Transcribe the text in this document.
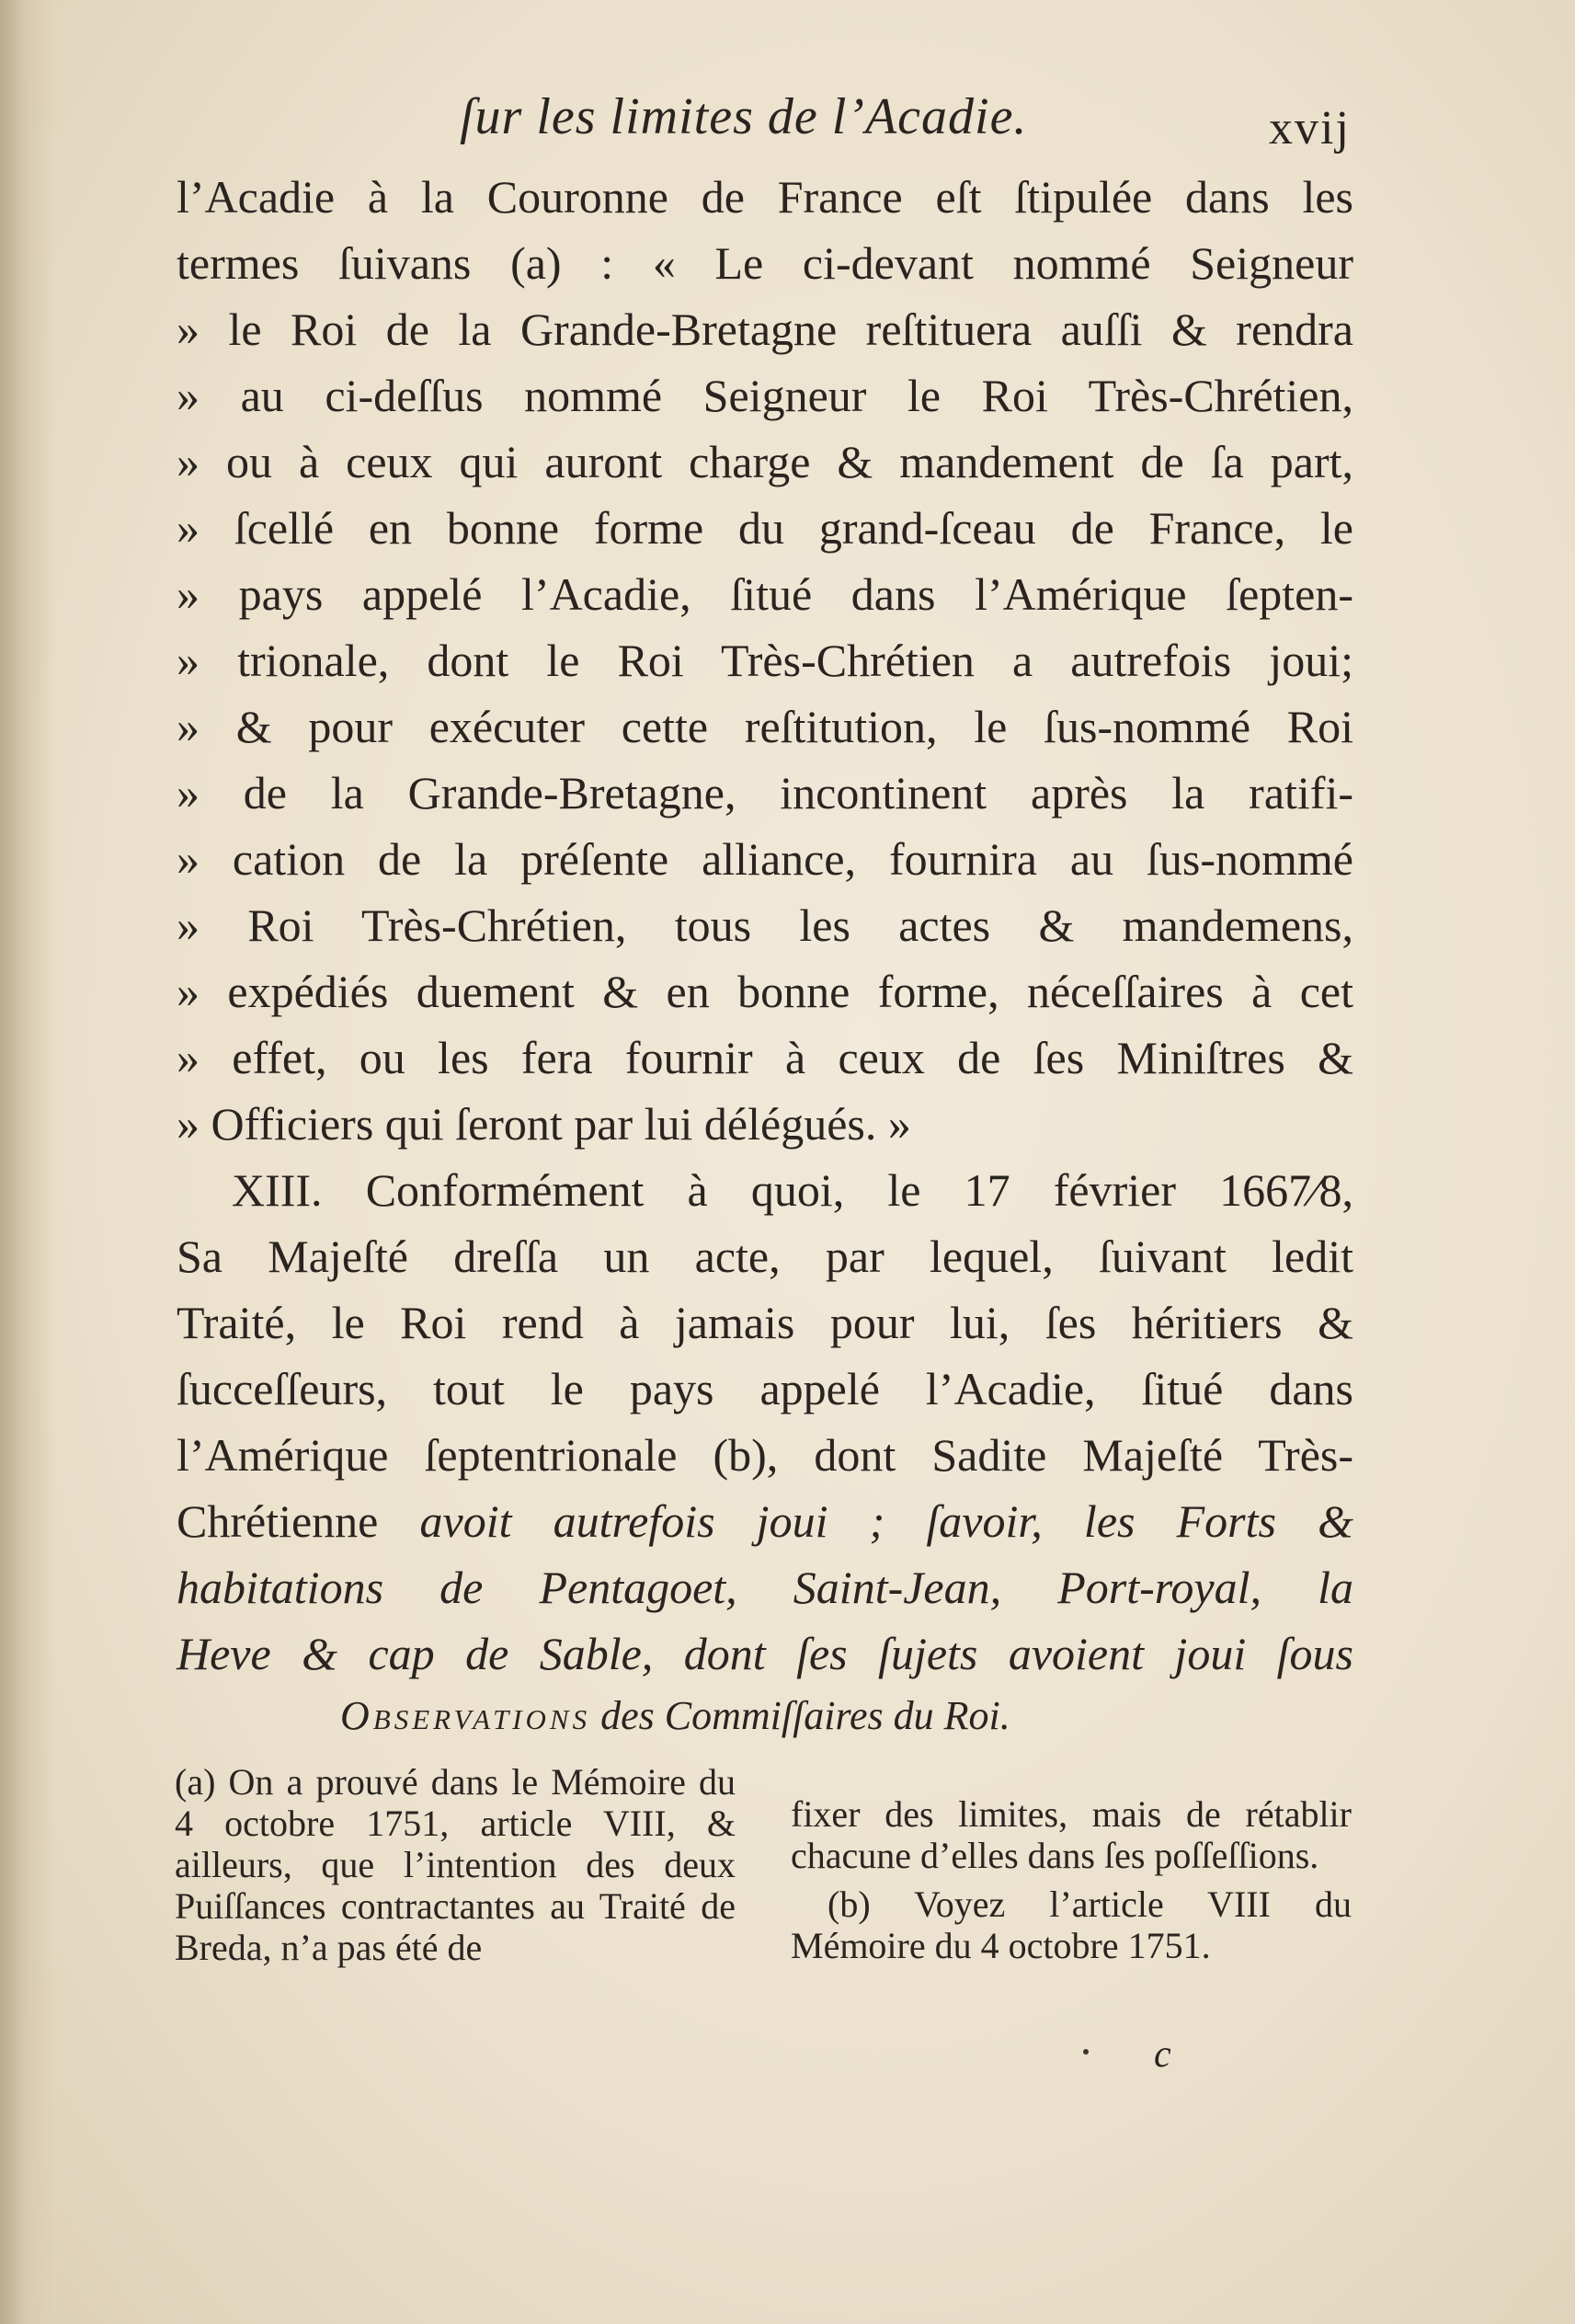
ſur les limites de l’Acadie.	xvij
l’Acadie à la Couronne de France eſt ſtipulée dans les
termes ſuivans (a) : « Le ci-devant nommé Seigneur
» le Roi de la Grande-Bretagne reſtituera auſſi & rendra
» au ci-deſſus nommé Seigneur le Roi Très-Chrétien,
» ou à ceux qui auront charge & mandement de ſa part,
» ſcellé en bonne forme du grand-ſceau de France, le
» pays appelé l’Acadie, ſitué dans l’Amérique ſepten-
» trionale, dont le Roi Très-Chrétien a autrefois joui;
» & pour exécuter cette reſtitution, le ſus-nommé Roi
» de la Grande-Bretagne, incontinent après la ratifi-
» cation de la préſente alliance, fournira au ſus-nommé
» Roi Très-Chrétien, tous les actes & mandemens,
» expédiés duement & en bonne forme, néceſſaires à cet
» effet, ou les fera fournir à ceux de ſes Miniſtres &
» Officiers qui ſeront par lui délégués. »
XIII. Conformément à quoi, le 17 février 1667⁄8,
Sa Majeſté dreſſa un acte, par lequel, ſuivant ledit
Traité, le Roi rend à jamais pour lui, ſes héritiers &
ſucceſſeurs, tout le pays appelé l’Acadie, ſitué dans
l’Amérique ſeptentrionale (b), dont Sadite Majeſté Très-
Chrétienne avoit autrefois joui ; ſavoir, les Forts &
habitations de Pentagoet, Saint-Jean, Port-royal, la
Heve & cap de Sable, dont ſes ſujets avoient joui ſous
Observations des Commiſſaires du Roi.
(a) On a prouvé dans le Mémoire du 4 octobre 1751, article VIII, & ailleurs, que l’intention des deux Puiſſances contractantes au Traité de Breda, n’a pas été de
fixer des limites, mais de rétablir chacune d’elles dans ſes poſſeſſions.
(b) Voyez l’article VIII du Mémoire du 4 octobre 1751.
c
